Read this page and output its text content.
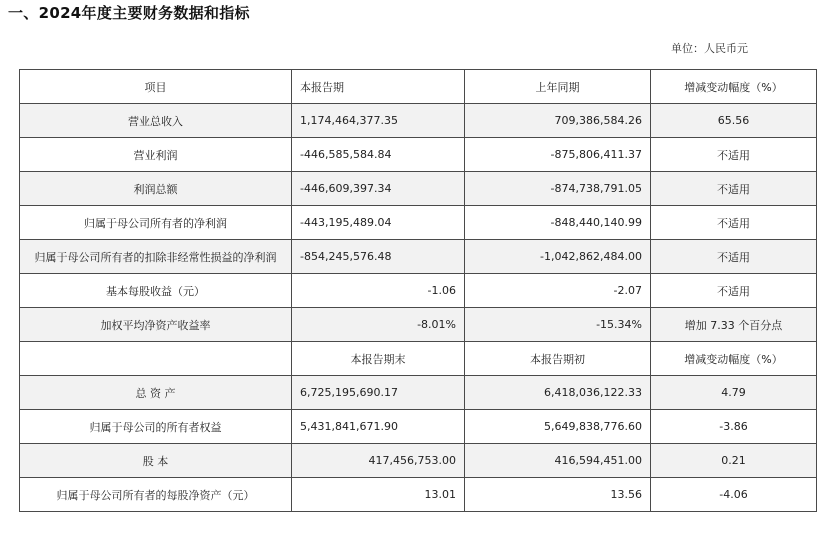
一、2024年度主要财务数据和指标
单位：人民币元
项目	本报告期	上年同期	增减变动幅度（%）
营业总收入	1,174,464,377.35	709,386,584.26	65.56
营业利润	-446,585,584.84	-875,806,411.37	不适用
利润总额	-446,609,397.34	-874,738,791.05	不适用
归属于母公司所有者的净利润	-443,195,489.04	-848,440,140.99	不适用
归属于母公司所有者的扣除非经常性损益的净利润	-854,245,576.48	-1,042,862,484.00	不适用
基本每股收益（元）	-1.06	-2.07	不适用
加权平均净资产收益率	-8.01%	-15.34%	增加 7.33 个百分点
	本报告期末	本报告期初	增减变动幅度（%）
总 资 产	6,725,195,690.17	6,418,036,122.33	4.79
归属于母公司的所有者权益	5,431,841,671.90	5,649,838,776.60	-3.86
股 本	417,456,753.00	416,594,451.00	0.21
归属于母公司所有者的每股净资产（元）	13.01	13.56	-4.06
